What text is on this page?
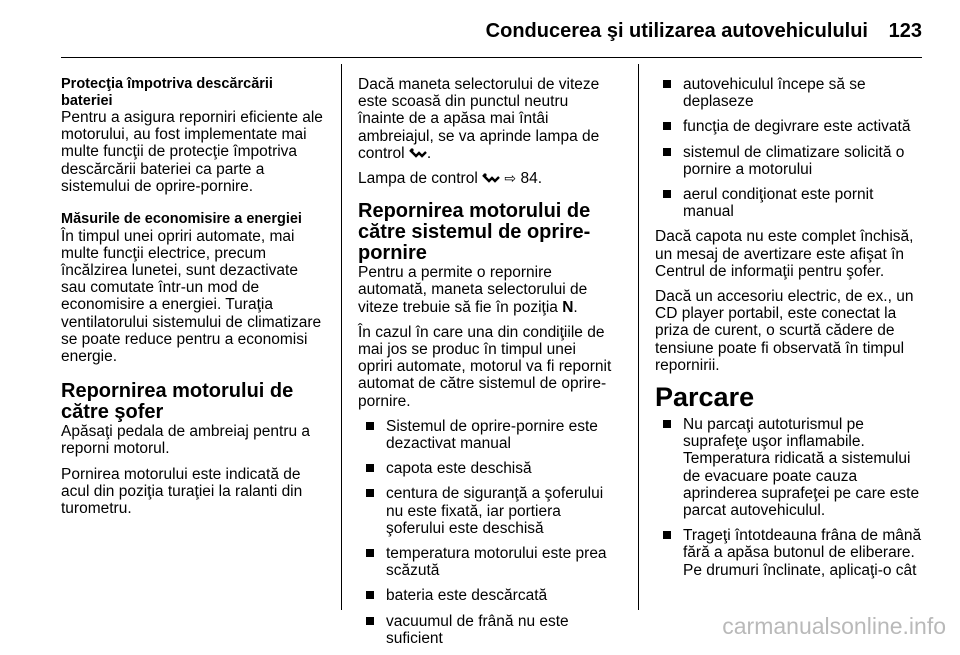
Conducerea şi utilizarea autovehiculului 123
Protecţia împotriva descărcării bateriei

Pentru a asigura reporniri eficiente ale motorului, au fost implementate mai multe funcţii de protecţie împotriva descărcării bateriei ca parte a sistemului de oprire-pornire.

Măsurile de economisire a energiei

În timpul unei opriri automate, mai multe funcţii electrice, precum încălzirea lunetei, sunt dezactivate sau comutate într-un mod de economisire a energiei. Turaţia ventilatorului sistemului de climatizare se poate reduce pentru a economisi energie.

Repornirea motorului de către şofer

Apăsaţi pedala de ambreiaj pentru a reporni motorul.

Pornirea motorului este indicată de acul din poziţia turaţiei la ralanti din turometru.

Dacă maneta selectorului de viteze este scoasă din punctul neutru înainte de a apăsa mai întâi ambreiajul, se va aprinde lampa de control .

Lampa de control ⇨ 84.

Repornirea motorului de către sistemul de oprire-pornire

Pentru a permite o repornire automată, maneta selectorului de viteze trebuie să fie în poziţia N.

În cazul în care una din condiţiile de mai jos se produc în timpul unei opriri automate, motorul va fi repornit automat de către sistemul de oprire-pornire.

Sistemul de oprire-pornire este dezactivat manual
capota este deschisă
centura de siguranţă a şoferului nu este fixată, iar portiera şoferului este deschisă
temperatura motorului este prea scăzută
bateria este descărcată
vacuumul de frână nu este suficient
autovehiculul începe să se deplaseze
funcţia de degivrare este activată
sistemul de climatizare solicită o pornire a motorului
aerul condiţionat este pornit manual

Dacă capota nu este complet închisă, un mesaj de avertizare este afişat în Centrul de informaţii pentru şofer.

Dacă un accesoriu electric, de ex., un CD player portabil, este conectat la priza de curent, o scurtă cădere de tensiune poate fi observată în timpul repornirii.

Parcare
Nu parcaţi autoturismul pe suprafeţe uşor inflamabile. Temperatura ridicată a sistemului de evacuare poate cauza aprinderea suprafeţei pe care este parcat autovehiculul.
Trageţi întotdeauna frâna de mână fără a apăsa butonul de eliberare. Pe drumuri înclinate, aplicaţi-o cât
carmanualsonline.info
